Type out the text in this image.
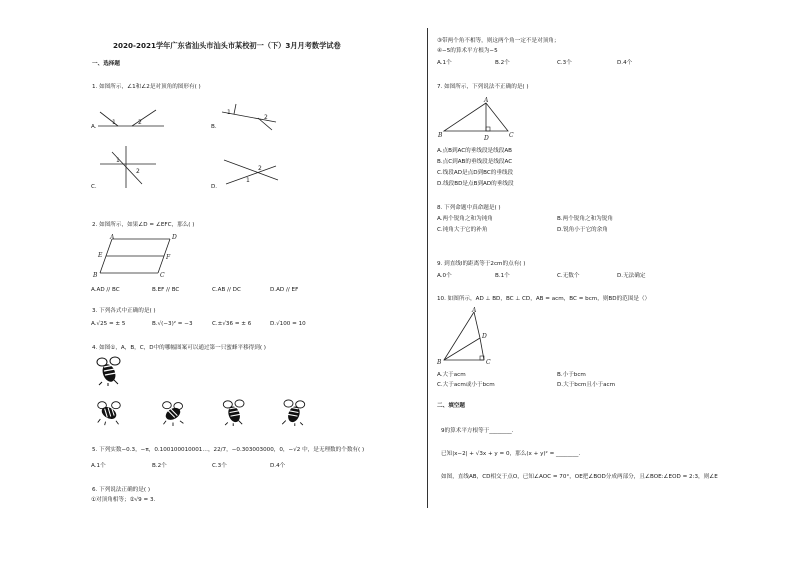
2020-2021学年广东省汕头市汕头市某校初一（下）3月月考数学试卷
一、选择题
1. 如图所示，∠1和∠2是对顶角的图形有( )
A.	B.
C.	D.
1	2
1
2
1
2
1
2
2. 如图所示，如果∠D = ∠EFC，那么( )
A	D
E	F
B	C
A.AD // BC	B.EF // BC	C.AB // DC	D.AD // EF
3. 下列各式中正确的是( )
A.√25 = ± 5	B.√(−3)² = −3	C.±√36 = ± 6	D.√100 = 10
4. 如图①，A，B，C，D中的哪幅图案可以通过第一只蜜蜂平移得到( )
5. 下列实数−0.3，−π，0.100100010001…，22/7，−0.303003000，0，−√2 中，是无理数的个数有( )
A.1个	B.2个	C.3个	D.4个
6. 下列说法正确的是( )
①对顶角相等；②√9 = 3.
③带两个角不相等，则这两个角一定不是对顶角；
④−5的算术平方根为−5
A.1个	B.2个	C.3个	D.4个
7. 如图所示，下列说法不正确的是( )
A
B	D	C
A.点B到AC的垂线段是线段AB
B.点C到AB的垂线段是线段AC
C.线段AD是点D到BC的垂线段
D.线段BD是点B到AD的垂线段
8. 下列命题中真命题是( )
A.两个锐角之和为钝角	B.两个锐角之和为锐角
C.钝角大于它的补角	D.锐角小于它的余角
9. 到直线l的距离等于2cm的点有( )
A.0个	B.1个	C.无数个	D.无法确定
10. 如图所示，AD ⊥ BD，BC ⊥ CD，AB = acm，BC = bcm，则BD的范围是（）
A
D
C
B
A.大于acm	B.小于bcm
C.大于acm或小于bcm	D.大于bcm且小于acm
二、填空题
9的算术平方根等于________.
已知|x−2| + √3x + y = 0，那么(x + y)² = ________.
如图，直线AB，CD相交于点O，已知∠AOC = 70°，OE把∠BOD分成两部分，且∠BOE:∠EOD = 2:3，则∠E
